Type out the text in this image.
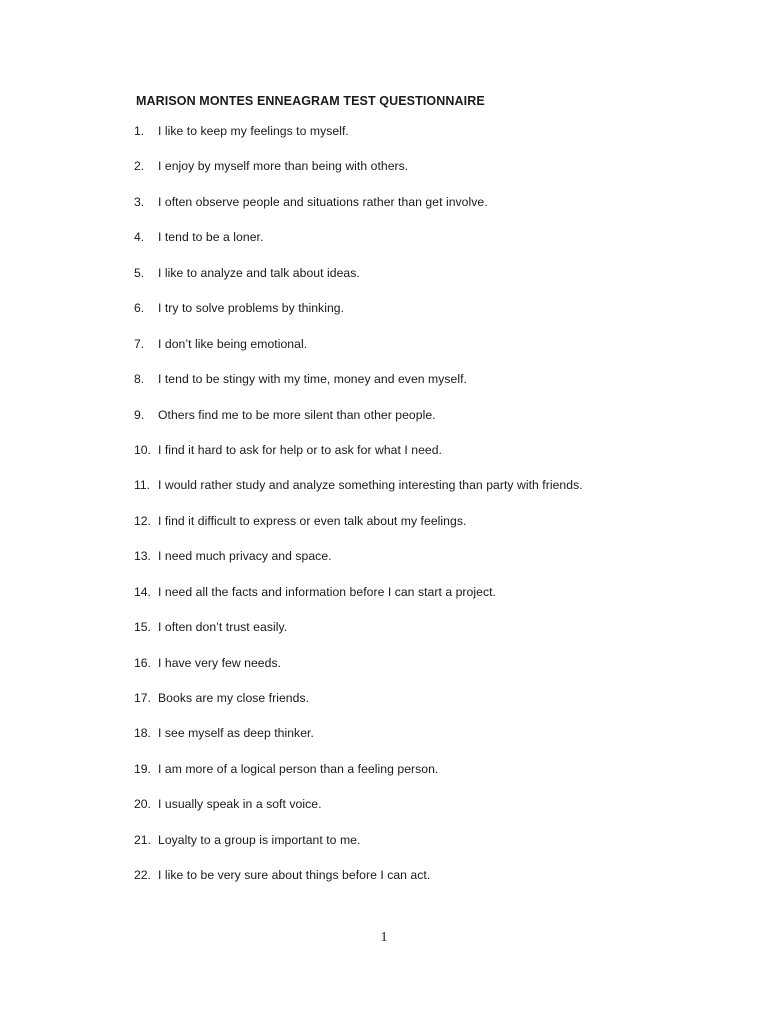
MARISON MONTES ENNEAGRAM TEST QUESTIONNAIRE
1.	I like to keep my feelings to myself.
2.	I enjoy by myself more than being with others.
3.	I often observe people and situations rather than get involve.
4.	I tend to be a loner.
5.	I like to analyze and talk about ideas.
6.	I try to solve problems by thinking.
7.	I don’t like being emotional.
8.	I tend to be stingy with my time, money and even myself.
9.	Others find me to be more silent than other people.
10. I find it hard to ask for help or to ask for what I need.
11. I would rather study and analyze something interesting than party with friends.
12. I find it difficult to express or even talk about my feelings.
13. I need much privacy and space.
14. I need all the facts and information before I can start a project.
15. I often don’t trust easily.
16. I have very few needs.
17. Books are my close friends.
18. I see myself as deep thinker.
19. I am more of a logical person than a feeling person.
20. I usually speak in a soft voice.
21. Loyalty to a group is important to me.
22. I like to be very sure about things before I can act.
1
